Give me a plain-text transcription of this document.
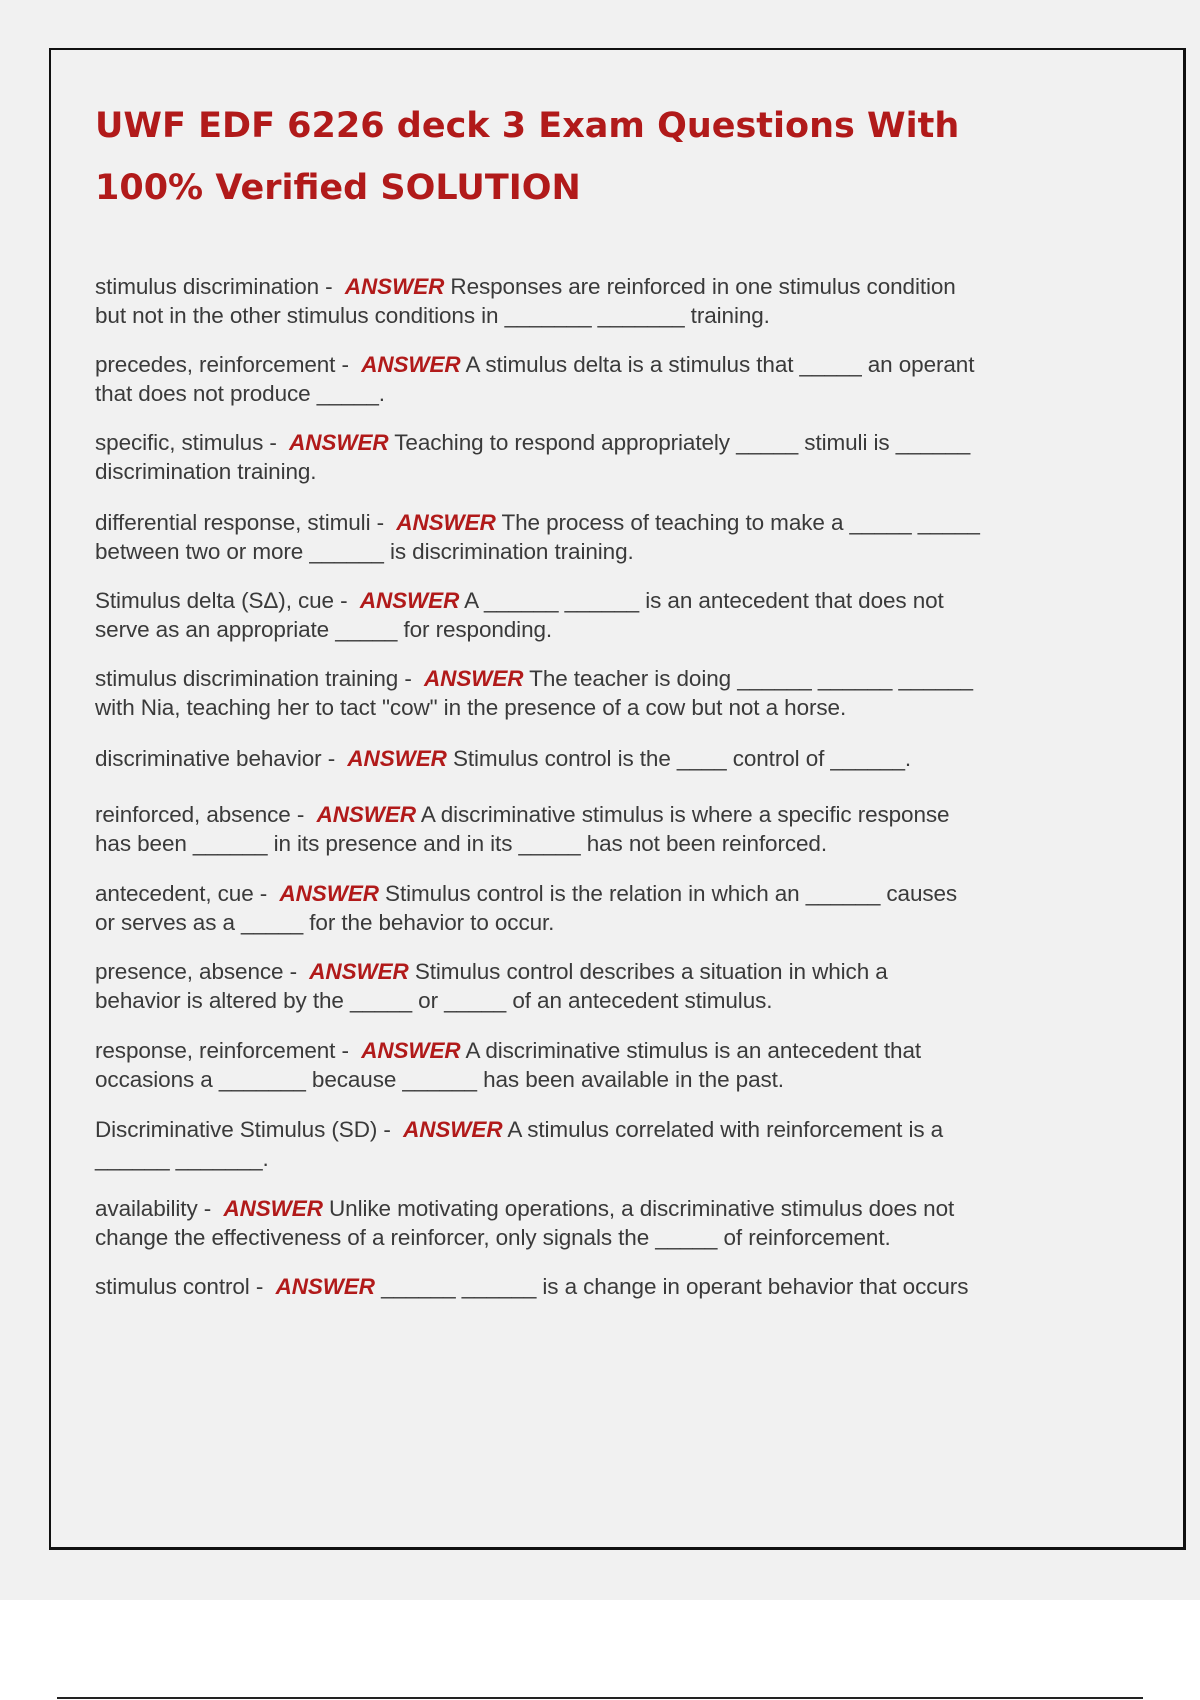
UWF EDF 6226 deck 3 Exam Questions With
100% Verified SOLUTION
stimulus discrimination -  ANSWER Responses are reinforced in one stimulus condition
but not in the other stimulus conditions in _______ _______ training.
precedes, reinforcement -  ANSWER A stimulus delta is a stimulus that _____ an operant
that does not produce _____.
specific, stimulus -  ANSWER Teaching to respond appropriately _____ stimuli is ______
discrimination training.
differential response, stimuli -  ANSWER The process of teaching to make a _____ _____
between two or more ______ is discrimination training.
Stimulus delta (SΔ), cue -  ANSWER A ______ ______ is an antecedent that does not
serve as an appropriate _____ for responding.
stimulus discrimination training -  ANSWER The teacher is doing ______ ______ ______
with Nia, teaching her to tact "cow" in the presence of a cow but not a horse.
discriminative behavior -  ANSWER Stimulus control is the ____ control of ______.
reinforced, absence -  ANSWER A discriminative stimulus is where a specific response
has been ______ in its presence and in its _____ has not been reinforced.
antecedent, cue -  ANSWER Stimulus control is the relation in which an ______ causes
or serves as a _____ for the behavior to occur.
presence, absence -  ANSWER Stimulus control describes a situation in which a
behavior is altered by the _____ or _____ of an antecedent stimulus.
response, reinforcement -  ANSWER A discriminative stimulus is an antecedent that
occasions a _______ because ______ has been available in the past.
Discriminative Stimulus (SD) -  ANSWER A stimulus correlated with reinforcement is a
______ _______.
availability -  ANSWER Unlike motivating operations, a discriminative stimulus does not
change the effectiveness of a reinforcer, only signals the _____ of reinforcement.
stimulus control -  ANSWER ______ ______ is a change in operant behavior that occurs
